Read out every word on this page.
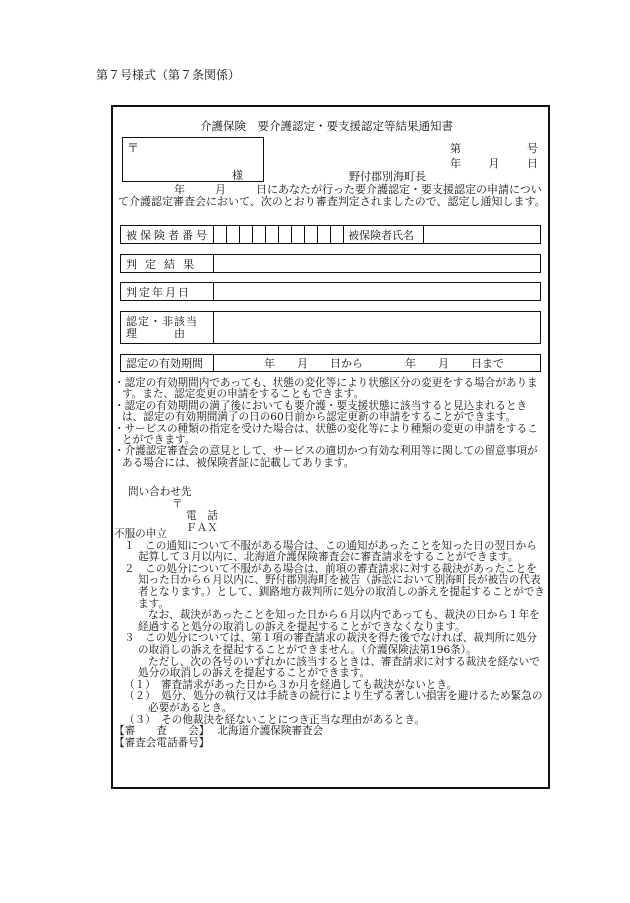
第７号様式（第７条関係）
介護保険　要介護認定・要支援認定等結果通知書
〒
様
第	号
年	月	日
野付郡別海町長
年	月	日にあなたが行った要介護認定・要支援認定の申請について介護認定審査会において、次のとおり審査判定されましたので、認定し通知します。
被保険者番号	被保険者氏名
判定結果
判定年月日
認定・非該当
理　　　由
認定の有効期間	年　　月　　日から	年　　月　　日まで

・認定の有効期間内であっても、状態の変化等により状態区分の変更をする場合があります。また、認定変更の申請をすることもできます。

・認定の有効期間の満了後においても要介護・要支援状態に該当すると見込まれるときは、認定の有効期間満了の日の60日前から認定更新の申請をすることができます。

・サービスの種類の指定を受けた場合は、状態の変化等により種類の変更の申請をすることができます。

・介護認定審査会の意見として、サービスの適切かつ有効な利用等に関しての留意事項がある場合には、被保険者証に記載してあります。

問い合わせ先
〒
電　話
ＦＡＸ

不服の申立

１　この通知について不服がある場合は、この通知があったことを知った日の翌日から起算して３月以内に、北海道介護保険審査会に審査請求をすることができます。

２　この処分について不服がある場合は、前項の審査請求に対する裁決があったことを知った日から６月以内に、野付郡別海町を被告（訴訟において別海町長が被告の代表者となります。）として、釧路地方裁判所に処分の取消しの訴えを提起することができます。

なお、裁決があったことを知った日から６月以内であっても、裁決の日から１年を経過すると処分の取消しの訴えを提起することができなくなります。

３　この処分については、第１項の審査請求の裁決を得た後でなければ、裁判所に処分の取消しの訴えを提起することができません。（介護保険法第196条）。

ただし、次の各号のいずれかに該当するときは、審査請求に対する裁決を経ないで処分の取消しの訴えを提起することができます。

（１）　審査請求があった日から３か月を経過しても裁決がないとき。

（２）　処分、処分の執行又は手続きの続行により生ずる著しい損害を避けるため緊急の必要があるとき。

（３）　その他裁決を経ないことにつき正当な理由があるとき。

【審　　査　　会】 北海道介護保険審査会

【審査会電話番号】
